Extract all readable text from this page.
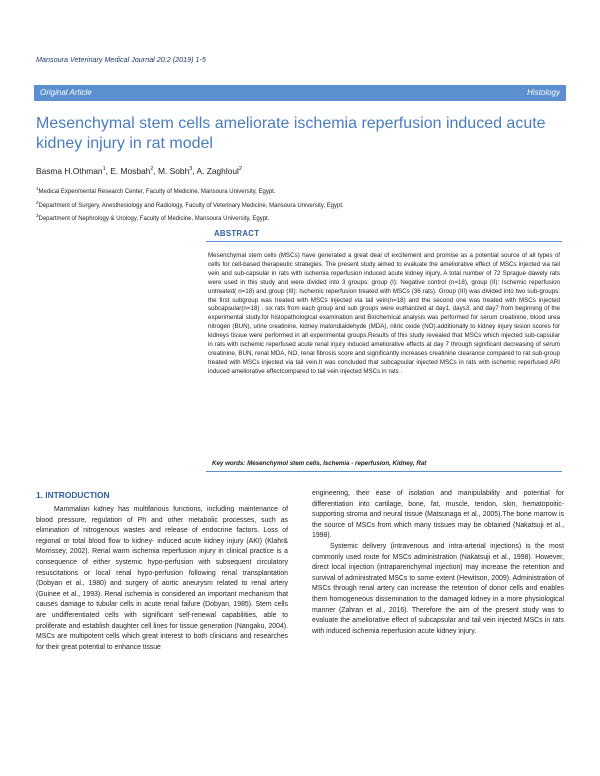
Mansoura Veterinary Medical Journal 20:2 (2019) 1-5
Original Article	Histology
Mesenchymal stem cells ameliorate ischemia reperfusion induced acute kidney injury in rat model
Basma H.Othman$^1$, E. Mosbah$^2$, M. Sobh$^3$, A. Zaghloul$^2$
$^1$Medical Experimental Research Center, Faculty of Medicine, Mansoura University, Egypt.
$^2$Department of Surgery, Anesthesiology and Radiology, Faculty of Veterinary Medicine, Mansoura University, Egypt.
$^3$Department of Nephrology & Urology, Faculty of Medicine, Mansoura University, Egypt.
ABSTRACT
Mesenchymal stem cells (MSCs) have generated a great deal of excitement and promise as a potential source of all types of cells for cell-based therapeutic strategies. The present study aimed to evaluate the ameliorative effect of MSCs injected via tail vein and sub-capsular in rats with ischemia reperfusion induced acute kidney injury. A total number of 72 Sprague dawely rats were used in this study and were divided into 3 groups: group (I): Negative control (n=18), group (II): Ischemic reperfusion untreated( n=18) and group (III): Ischemic reperfusion treated with MSCs (36 rats). Group (III) was divided into two sub-groups: the first subgroup was treated with MSCs injected via tail vein(n=18) and the second one was treated with MSCs injected subcapsular(n=18) . six rats from each group and sub groups were euthanized at day1, days3, and day7 from beginning of the experimental study.for histopathological examination and Biochemical analysis was performed for serum creatinine, blood urea nitrogen (BUN), urine creatinine, kidney malondialdehyde (MDA), nitric oxide (NO).additionally to kidney injury lesion scores for kidneys tissue were performed in all experimental groups.Results of this study revealed that MSCs which injected sub-capsular in rats with ischemic reperfused acute renal injury induced ameliorative effects at day 7 through significant decreasing of serum creatinine, BUN, renal MDA, NO, renal fibrosis score and significantly increases creatinine clearance compared to rat sub-group treated with MSCs injected via tail vein.It was concluded that subcapsular injected MSCs in rats with ischemic reperfused ARI induced ameliorative effectcompared to tail vein injected MSCs in rats .
Key words: Mesenchymol stem cells, Ischemia - reperfusion, Kidney, Rat
1. INTRODUCTION

Mammalian kidney has multifarious functions, including maintenance of blood pressure, regulation of Ph and other metabolic processes, such as elimination of nitrogenous wastes and release of endocrine factors. Loss of regional or total blood flow to kidney- induced acute kidney injury (AKI) (Klahr& Morrissey, 2002). Renal warm ischemia reperfusion injury in clinical practice is a consequence of either systemic hypo-perfusion with subsequent circulatory resuscitations or local renal hypo-perfusion following renal transplantation (Dobyan et al., 1980) and surgery of aortic aneurysm related to renal artery (Guinee et al., 1993). Renal ischemia is considered an important mechanism that causes damage to tubular cells in acute renal failure (Dobyan, 1985). Stem cells are undifferentiated cells with significant self-renewal capabilities, able to proliferate and establish daughter cell lines for tissue generation (Nangaku, 2004). MSCs are multipotent cells which great interest to both clinicians and researches for their great potential to enhance tissue

engineering, their ease of isolation and manipulability and potential for differentiation into cartilage, bone, fat, muscle, tendon, skin, hematopoitic-supporting stroma and neural tissue (Matsunaga et al., 2005).The bone marrow is the source of MSCs from which many tissues may be obtained (Nakatsuji et al., 1998).

Systemic delivery (intravenous and intra-arterial injections) is the most commonly used route for MSCs administration (Nakatsuji et al., 1998). However, direct local injection (intraparenchymal injection) may increase the retention and survival of administrated MSCs to some extent (Hewitson, 2009). Administration of MSCs through renal artery can increase the retention of donor cells and enables them homogeneous dissemination to the damaged kidney in a more physiological manner (Zahran et al., 2016). Therefore the aim of the present study was to evaluate the ameliorative effect of subcapsular and tail vein injected MSCs in rats with induced ischemia reperfusion acute kidney injury.
